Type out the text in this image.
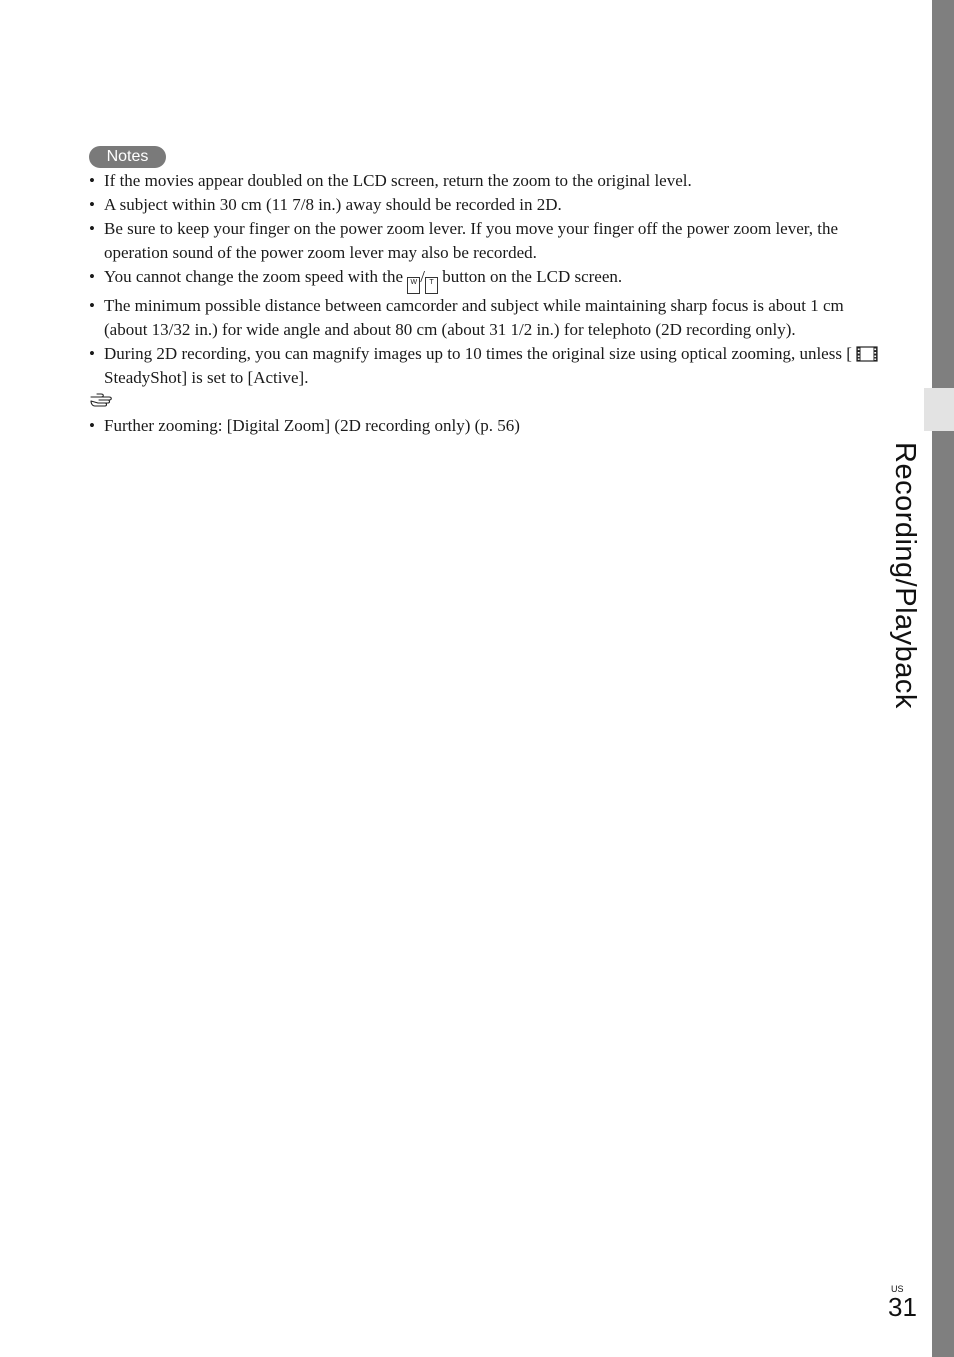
Recording/Playback
Notes
• If the movies appear doubled on the LCD screen, return the zoom to the original level.
• A subject within 30 cm (11 7/8 in.) away should be recorded in 2D.
• Be sure to keep your finger on the power zoom lever. If you move your finger off the power zoom lever, the operation sound of the power zoom lever may also be recorded.
• You cannot change the zoom speed with the W / T button on the LCD screen.
• The minimum possible distance between camcorder and subject while maintaining sharp focus is about 1 cm (about 13/32 in.) for wide angle and about 80 cm (about 31 1/2 in.) for telephoto (2D recording only).
• During 2D recording, you can magnify images up to 10 times the original size using optical zooming, unless [ SteadyShot] is set to [Active].
• Further zooming: [Digital Zoom] (2D recording only) (p. 56)
US
31
